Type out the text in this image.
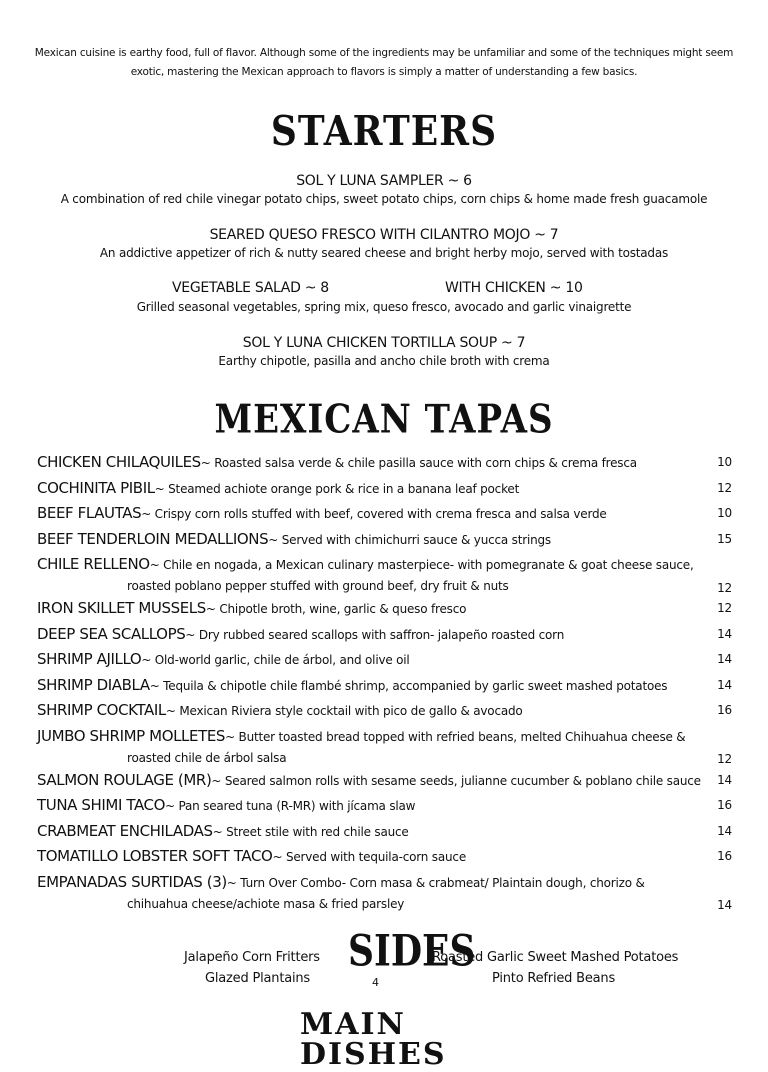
Mexican cuisine is earthy food, full of flavor. Although some of the ingredients may be unfamiliar and some of the techniques might seem exotic, mastering the Mexican approach to flavors is simply a matter of understanding a few basics.
STARTERS
SOL Y LUNA SAMPLER ~ 6
A combination of red chile vinegar potato chips, sweet potato chips, corn chips & home made fresh guacamole
SEARED QUESO FRESCO WITH CILANTRO MOJO ~ 7
An addictive appetizer of rich & nutty seared cheese and bright herby mojo, served with tostadas
VEGETABLE SALAD ~ 8	WITH CHICKEN ~ 10
Grilled seasonal vegetables, spring mix, queso fresco, avocado and garlic vinaigrette
SOL Y LUNA CHICKEN TORTILLA SOUP ~ 7
Earthy chipotle, pasilla and ancho chile broth with crema
MEXICAN TAPAS
CHICKEN CHILAQUILES~ Roasted salsa verde & chile pasilla sauce with corn chips & crema fresca	10
COCHINITA PIBIL~ Steamed achiote orange pork & rice in a banana leaf pocket	12
BEEF FLAUTAS~ Crispy corn rolls stuffed with beef, covered with crema fresca and salsa verde	10
BEEF TENDERLOIN MEDALLIONS~ Served with chimichurri sauce & yucca strings	15
CHILE RELLENO~ Chile en nogada, a Mexican culinary masterpiece- with pomegranate & goat cheese sauce,
roasted poblano pepper stuffed with ground beef, dry fruit & nuts	12
IRON SKILLET MUSSELS~ Chipotle broth, wine, garlic & queso fresco	12
DEEP SEA SCALLOPS~ Dry rubbed seared scallops with saffron- jalapeño roasted corn	14
SHRIMP AJILLO~ Old-world garlic, chile de árbol, and olive oil	14
SHRIMP DIABLA~ Tequila & chipotle chile flambé shrimp, accompanied by garlic sweet mashed potatoes	14
SHRIMP COCKTAIL~ Mexican Riviera style cocktail with pico de gallo & avocado	16
JUMBO SHRIMP MOLLETES~ Butter toasted bread topped with refried beans, melted Chihuahua cheese &
roasted chile de árbol salsa	12
SALMON ROULAGE (MR)~ Seared salmon rolls with sesame seeds, julianne cucumber & poblano chile sauce 14
TUNA SHIMI TACO~ Pan seared tuna (R-MR) with jícama slaw	16
CRABMEAT ENCHILADAS~ Street stile with red chile sauce	14
TOMATILLO LOBSTER SOFT TACO~ Served with tequila-corn sauce	16
EMPANADAS SURTIDAS (3)~ Turn Over Combo- Corn masa & crabmeat/ Plaintain dough, chorizo &
chihuahua cheese/achiote masa & fried parsley	14
SIDES
Jalapeño Corn Fritters
Glazed Plantains
Roasted Garlic Sweet Mashed Potatoes
Pinto Refried Beans
4
MAIN DISHES
